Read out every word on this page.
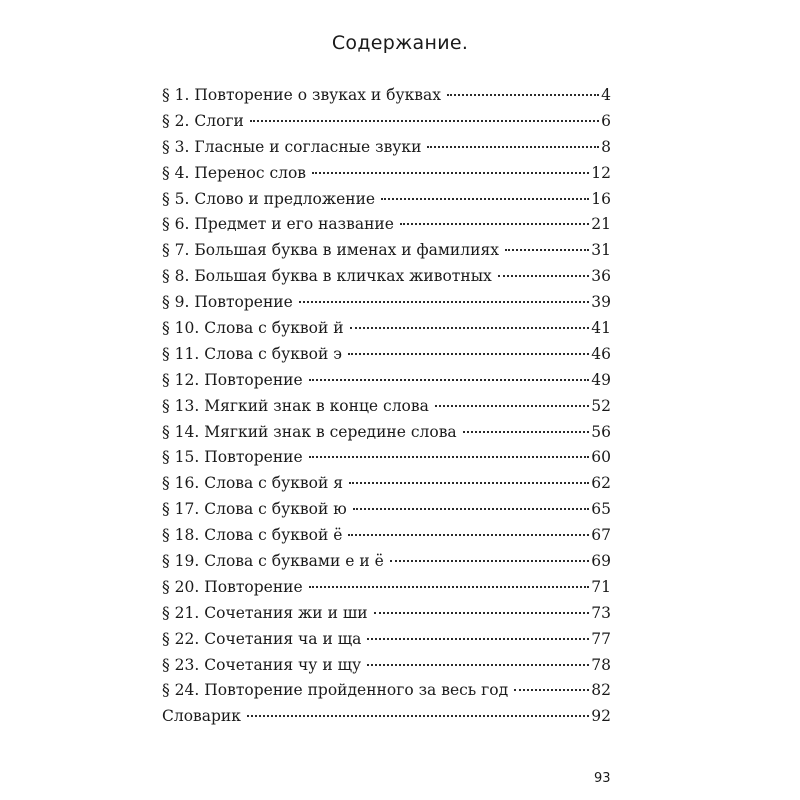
Содержание.
§ 1. Повторение о звуках и буквах	4
§ 2. Слоги	6
§ 3. Гласные и согласные звуки	8
§ 4. Перенос слов	12
§ 5. Слово и предложение	16
§ 6. Предмет и его название	21
§ 7. Большая буква в именах и фамилиях	31
§ 8. Большая буква в кличках животных	36
§ 9. Повторение	39
§ 10. Слова с буквой й	41
§ 11. Слова с буквой э	46
§ 12. Повторение	49
§ 13. Мягкий знак в конце слова	52
§ 14. Мягкий знак в середине слова	56
§ 15. Повторение	60
§ 16. Слова с буквой я	62
§ 17. Слова с буквой ю	65
§ 18. Слова с буквой ё	67
§ 19. Слова с буквами е и ё	69
§ 20. Повторение	71
§ 21. Сочетания жи и ши	73
§ 22. Сочетания ча и ща	77
§ 23. Сочетания чу и щу	78
§ 24. Повторение пройденного за весь год	82
Словарик	92
93
